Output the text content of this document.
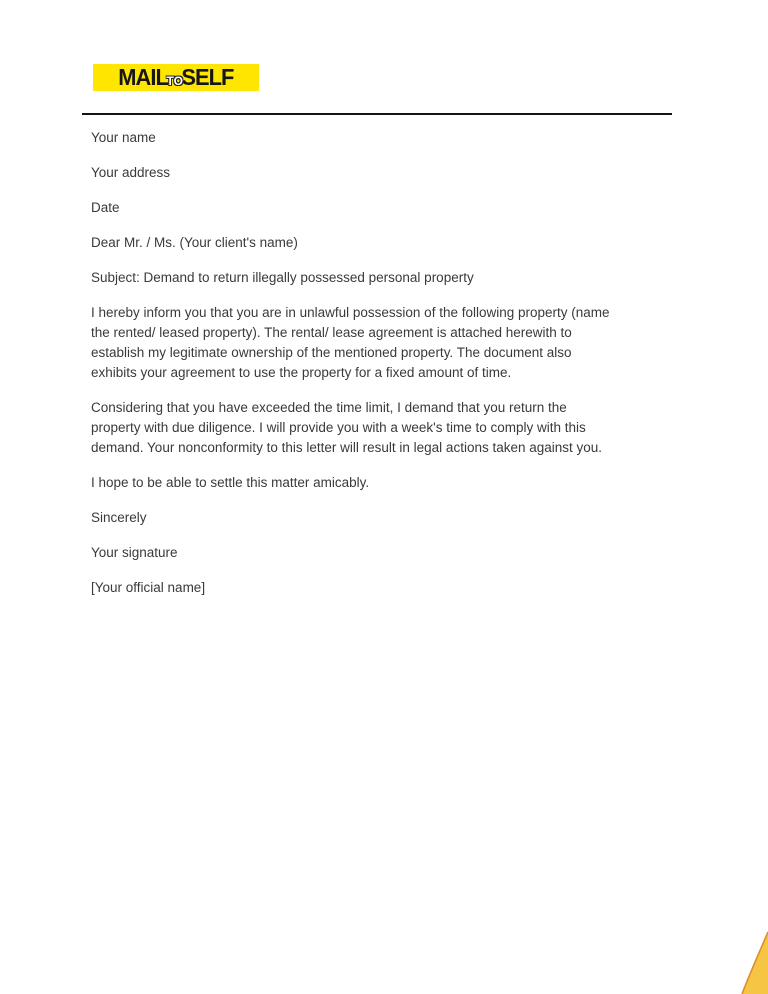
MAIL
TO
SELF
Your name
Your address
Date
Dear Mr. / Ms. (Your client's name)
Subject: Demand to return illegally possessed personal property

I hereby inform you that you are in unlawful possession of the following property (name
the rented/ leased property). The rental/ lease agreement is attached herewith to
establish my legitimate ownership of the mentioned property. The document also
exhibits your agreement to use the property for a fixed amount of time.

Considering that you have exceeded the time limit, I demand that you return the
property with due diligence. I will provide you with a week's time to comply with this
demand. Your nonconformity to this letter will result in legal actions taken against you.

I hope to be able to settle this matter amicably.
Sincerely
Your signature
[Your official name]
